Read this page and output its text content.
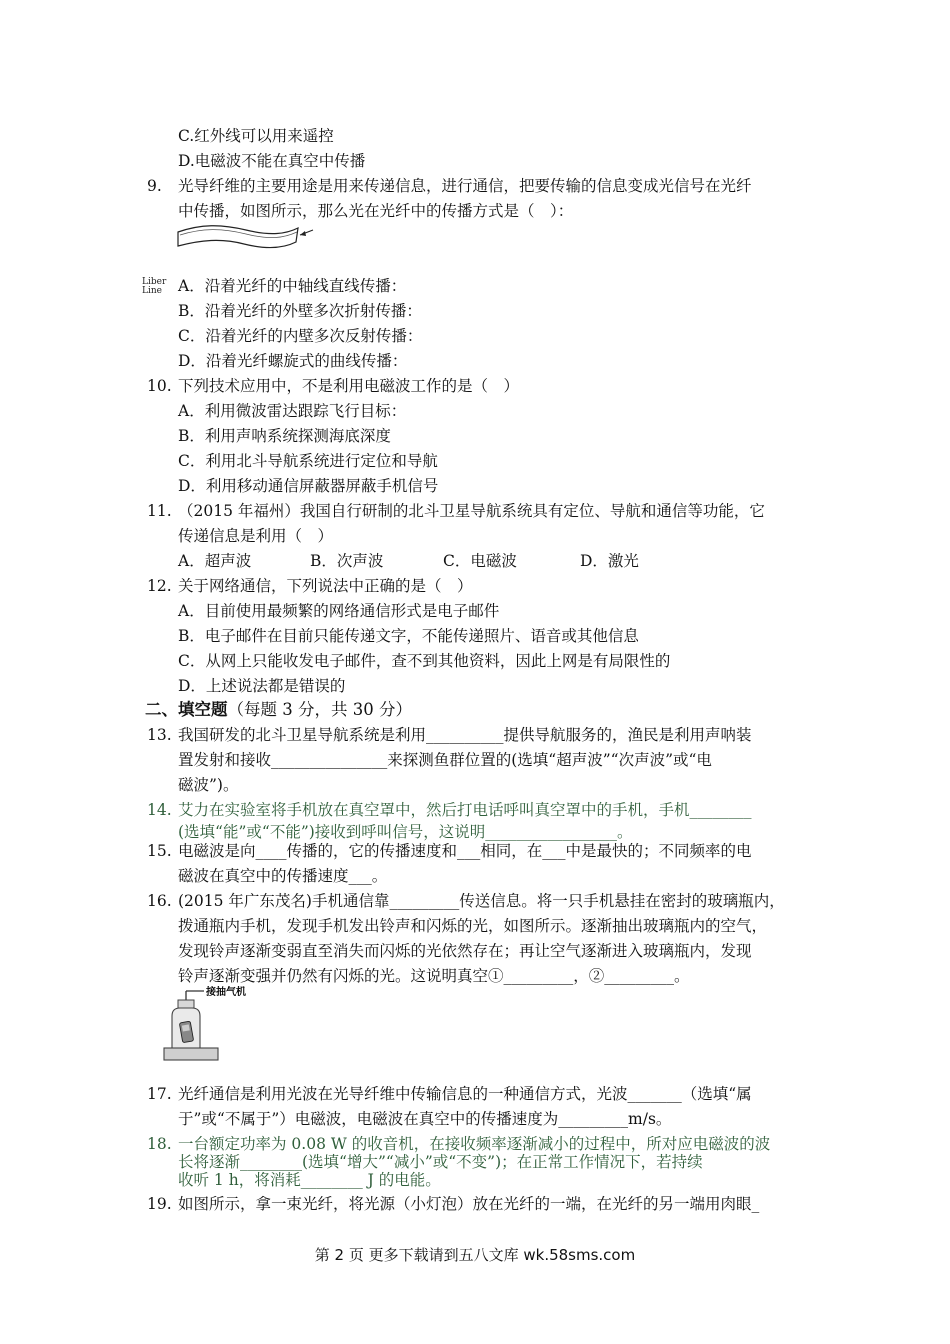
C.红外线可以用来遥控
D.电磁波不能在真空中传播
9. 光导纤维的主要用途是用来传递信息，进行通信，把要传输的信息变成光信号在光纤
中传播，如图所示，那么光在光纤中的传播方式是（　）：
Liber
Line A．沿着光纤的中轴线直线传播：
B．沿着光纤的外壁多次折射传播：
C．沿着光纤的内壁多次反射传播：
D．沿着光纤螺旋式的曲线传播：
10. 下列技术应用中，不是利用电磁波工作的是（　）
A．利用微波雷达跟踪飞行目标：
B．利用声呐系统探测海底深度
C．利用北斗导航系统进行定位和导航
D．利用移动通信屏蔽器屏蔽手机信号
11. （2015 年福州）我国自行研制的北斗卫星导航系统具有定位、导航和通信等功能，它
传递信息是利用（　）
A．超声波	B．次声波	C．电磁波	D．激光
12. 关于网络通信，下列说法中正确的是（　）
A．目前使用最频繁的网络通信形式是电子邮件
B．电子邮件在目前只能传递文字，不能传递照片、语音或其他信息
C．从网上只能收发电子邮件，查不到其他资料，因此上网是有局限性的
D．上述说法都是错误的
二、填空题（每题 3 分，共 30 分）
13. 我国研发的北斗卫星导航系统是利用__________提供导航服务的，渔民是利用声呐装
置发射和接收_______________来探测鱼群位置的(选填“超声波”“次声波”或“电
磁波”)。
14. 艾力在实验室将手机放在真空罩中，然后打电话呼叫真空罩中的手机，手机________
(选填“能”或“不能”)接收到呼叫信号，这说明_________________。
15. 电磁波是向____传播的，它的传播速度和___相同，在___中是最快的；不同频率的电
磁波在真空中的传播速度___。
16. (2015 年广东茂名)手机通信靠_________传送信息。将一只手机悬挂在密封的玻璃瓶内，
拨通瓶内手机，发现手机发出铃声和闪烁的光，如图所示。逐渐抽出玻璃瓶内的空气，
发现铃声逐渐变弱直至消失而闪烁的光依然存在；再让空气逐渐进入玻璃瓶内，发现
铃声逐渐变强并仍然有闪烁的光。这说明真空①_________，②_________。
接抽气机
17. 光纤通信是利用光波在光导纤维中传输信息的一种通信方式，光波_______（选填“属
于”或“不属于”）电磁波，电磁波在真空中的传播速度为_________m/s。
18. 一台额定功率为 0.08 W 的收音机，在接收频率逐渐减小的过程中，所对应电磁波的波
长将逐渐________(选填“增大”“减小”或“不变”)；在正常工作情况下，若持续
收听 1 h，将消耗________ J 的电能。
19. 如图所示，拿一束光纤，将光源（小灯泡）放在光纤的一端，在光纤的另一端用肉眼_
第 2 页 更多下载请到五八文库 wk.58sms.com
